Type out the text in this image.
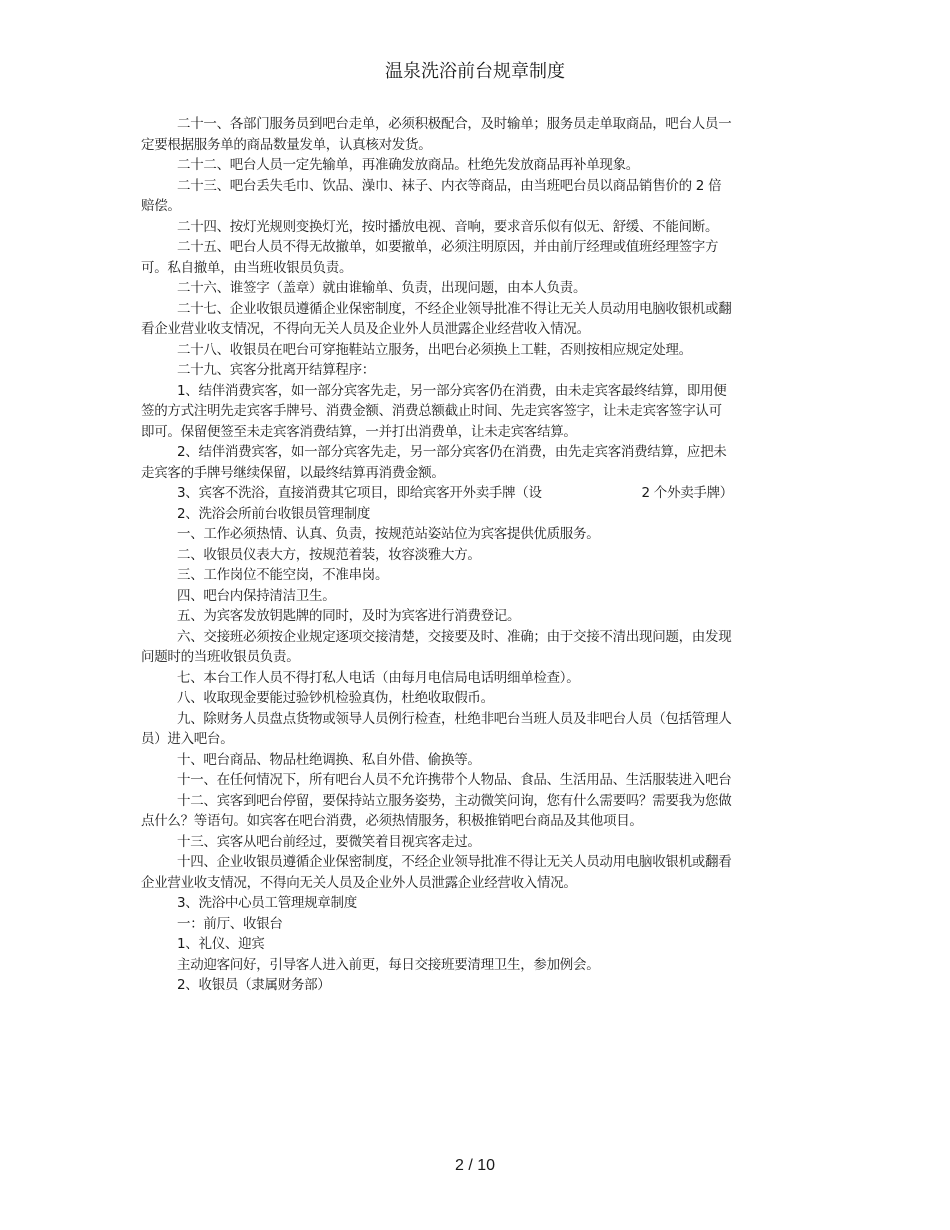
温泉洗浴前台规章制度

二十一、各部门服务员到吧台走单，必须积极配合，及时输单；服务员走单取商品，吧台人员一定要根据服务单的商品数量发单，认真核对发货。

二十二、吧台人员一定先输单，再准确发放商品。杜绝先发放商品再补单现象。

二十三、吧台丢失毛巾、饮品、澡巾、袜子、内衣等商品，由当班吧台员以商品销售价的 2 倍赔偿。

二十四、按灯光规则变换灯光，按时播放电视、音响，要求音乐似有似无、舒缓、不能间断。

二十五、吧台人员不得无故撤单，如要撤单，必须注明原因，并由前厅经理或值班经理签字方可。私自撤单，由当班收银员负责。

二十六、谁签字（盖章）就由谁输单、负责，出现问题，由本人负责。

二十七、企业收银员遵循企业保密制度，不经企业领导批准不得让无关人员动用电脑收银机或翻看企业营业收支情况，不得向无关人员及企业外人员泄露企业经营收入情况。

二十八、收银员在吧台可穿拖鞋站立服务，出吧台必须换上工鞋，否则按相应规定处理。

二十九、宾客分批离开结算程序：

1、结伴消费宾客，如一部分宾客先走，另一部分宾客仍在消费，由未走宾客最终结算，即用便签的方式注明先走宾客手牌号、消费金额、消费总额截止时间、先走宾客签字，让未走宾客签字认可即可。保留便签至未走宾客消费结算，一并打出消费单，让未走宾客结算。

2、结伴消费宾客，如一部分宾客先走，另一部分宾客仍在消费，由先走宾客消费结算，应把未走宾客的手牌号继续保留，以最终结算再消费金额。

3、宾客不洗浴，直接消费其它项目，即给宾客开外卖手牌（设	2 个外卖手牌）

2、洗浴会所前台收银员管理制度

一、工作必须热情、认真、负责，按规范站姿站位为宾客提供优质服务。

二、收银员仪表大方，按规范着装，妆容淡雅大方。

三、工作岗位不能空岗，不准串岗。

四、吧台内保持清洁卫生。

五、为宾客发放钥匙牌的同时，及时为宾客进行消费登记。

六、交接班必须按企业规定逐项交接清楚，交接要及时、准确；由于交接不清出现问题，由发现问题时的当班收银员负责。

七、本台工作人员不得打私人电话（由每月电信局电话明细单检查）。

八、收取现金要能过验钞机检验真伪，杜绝收取假币。

九、除财务人员盘点货物或领导人员例行检查，杜绝非吧台当班人员及非吧台人员（包括管理人员）进入吧台。

十、吧台商品、物品杜绝调换、私自外借、偷换等。

十一、在任何情况下，所有吧台人员不允许携带个人物品、食品、生活用品、生活服装进入吧台

十二、宾客到吧台停留，要保持站立服务姿势，主动微笑问询，您有什么需要吗？需要我为您做点什么？等语句。如宾客在吧台消费，必须热情服务，积极推销吧台商品及其他项目。

十三、宾客从吧台前经过，要微笑着目视宾客走过。

十四、企业收银员遵循企业保密制度，不经企业领导批准不得让无关人员动用电脑收银机或翻看企业营业收支情况，不得向无关人员及企业外人员泄露企业经营收入情况。

3、洗浴中心员工管理规章制度

一：前厅、收银台

1、礼仪、迎宾

主动迎客问好，引导客人进入前更，每日交接班要清理卫生，参加例会。

2、收银员（隶属财务部）

2 / 10
